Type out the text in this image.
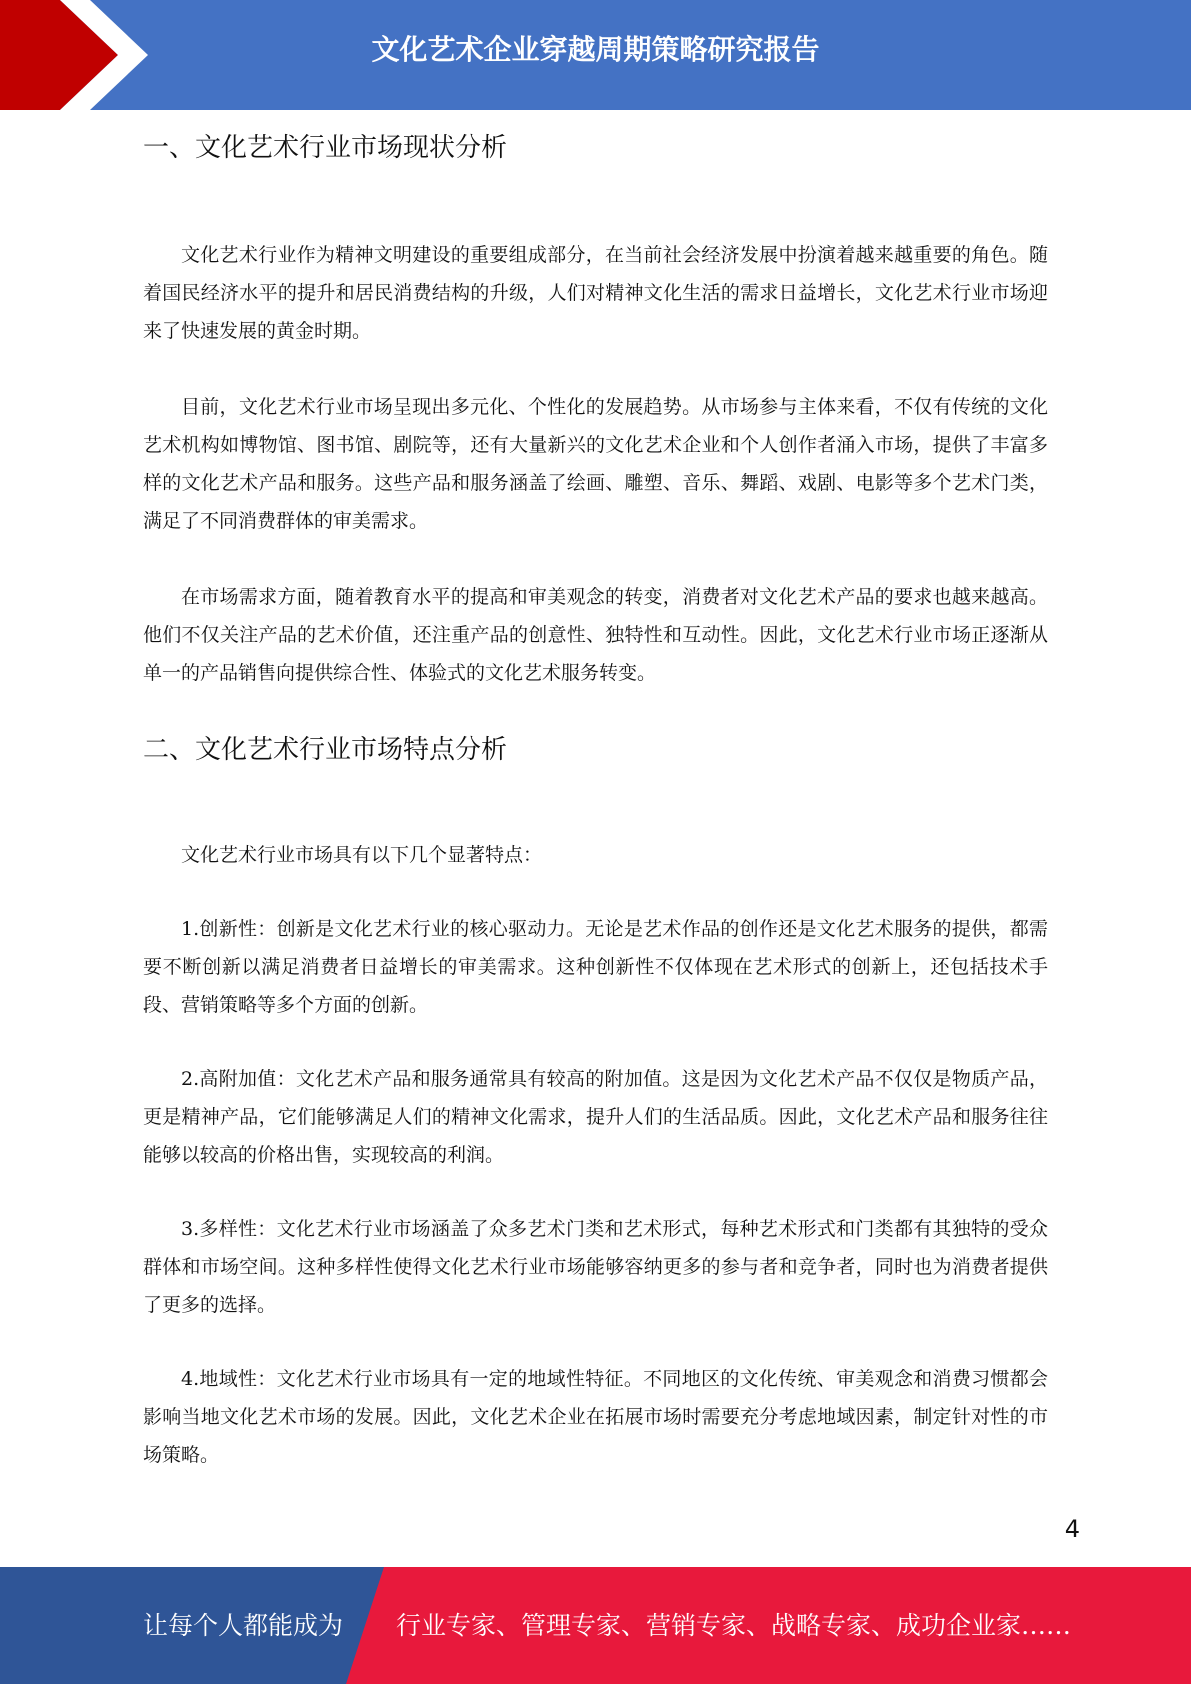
文化艺术企业穿越周期策略研究报告
一、文化艺术行业市场现状分析

文化艺术行业作为精神文明建设的重要组成部分，在当前社会经济发展中扮演着越来越重要的角色。随着国民经济水平的提升和居民消费结构的升级，人们对精神文化生活的需求日益增长，文化艺术行业市场迎来了快速发展的黄金时期。

目前，文化艺术行业市场呈现出多元化、个性化的发展趋势。从市场参与主体来看，不仅有传统的文化艺术机构如博物馆、图书馆、剧院等，还有大量新兴的文化艺术企业和个人创作者涌入市场，提供了丰富多样的文化艺术产品和服务。这些产品和服务涵盖了绘画、雕塑、音乐、舞蹈、戏剧、电影等多个艺术门类，满足了不同消费群体的审美需求。

在市场需求方面，随着教育水平的提高和审美观念的转变，消费者对文化艺术产品的要求也越来越高。他们不仅关注产品的艺术价值，还注重产品的创意性、独特性和互动性。因此，文化艺术行业市场正逐渐从单一的产品销售向提供综合性、体验式的文化艺术服务转变。

二、文化艺术行业市场特点分析

文化艺术行业市场具有以下几个显著特点：

1.创新性：创新是文化艺术行业的核心驱动力。无论是艺术作品的创作还是文化艺术服务的提供，都需要不断创新以满足消费者日益增长的审美需求。这种创新性不仅体现在艺术形式的创新上，还包括技术手段、营销策略等多个方面的创新。

2.高附加值：文化艺术产品和服务通常具有较高的附加值。这是因为文化艺术产品不仅仅是物质产品，更是精神产品，它们能够满足人们的精神文化需求，提升人们的生活品质。因此，文化艺术产品和服务往往能够以较高的价格出售，实现较高的利润。

3.多样性：文化艺术行业市场涵盖了众多艺术门类和艺术形式，每种艺术形式和门类都有其独特的受众群体和市场空间。这种多样性使得文化艺术行业市场能够容纳更多的参与者和竞争者，同时也为消费者提供了更多的选择。

4.地域性：文化艺术行业市场具有一定的地域性特征。不同地区的文化传统、审美观念和消费习惯都会影响当地文化艺术市场的发展。因此，文化艺术企业在拓展市场时需要充分考虑地域因素，制定针对性的市场策略。

4
让每个人都能成为 行业专家、管理专家、营销专家、战略专家、成功企业家……
